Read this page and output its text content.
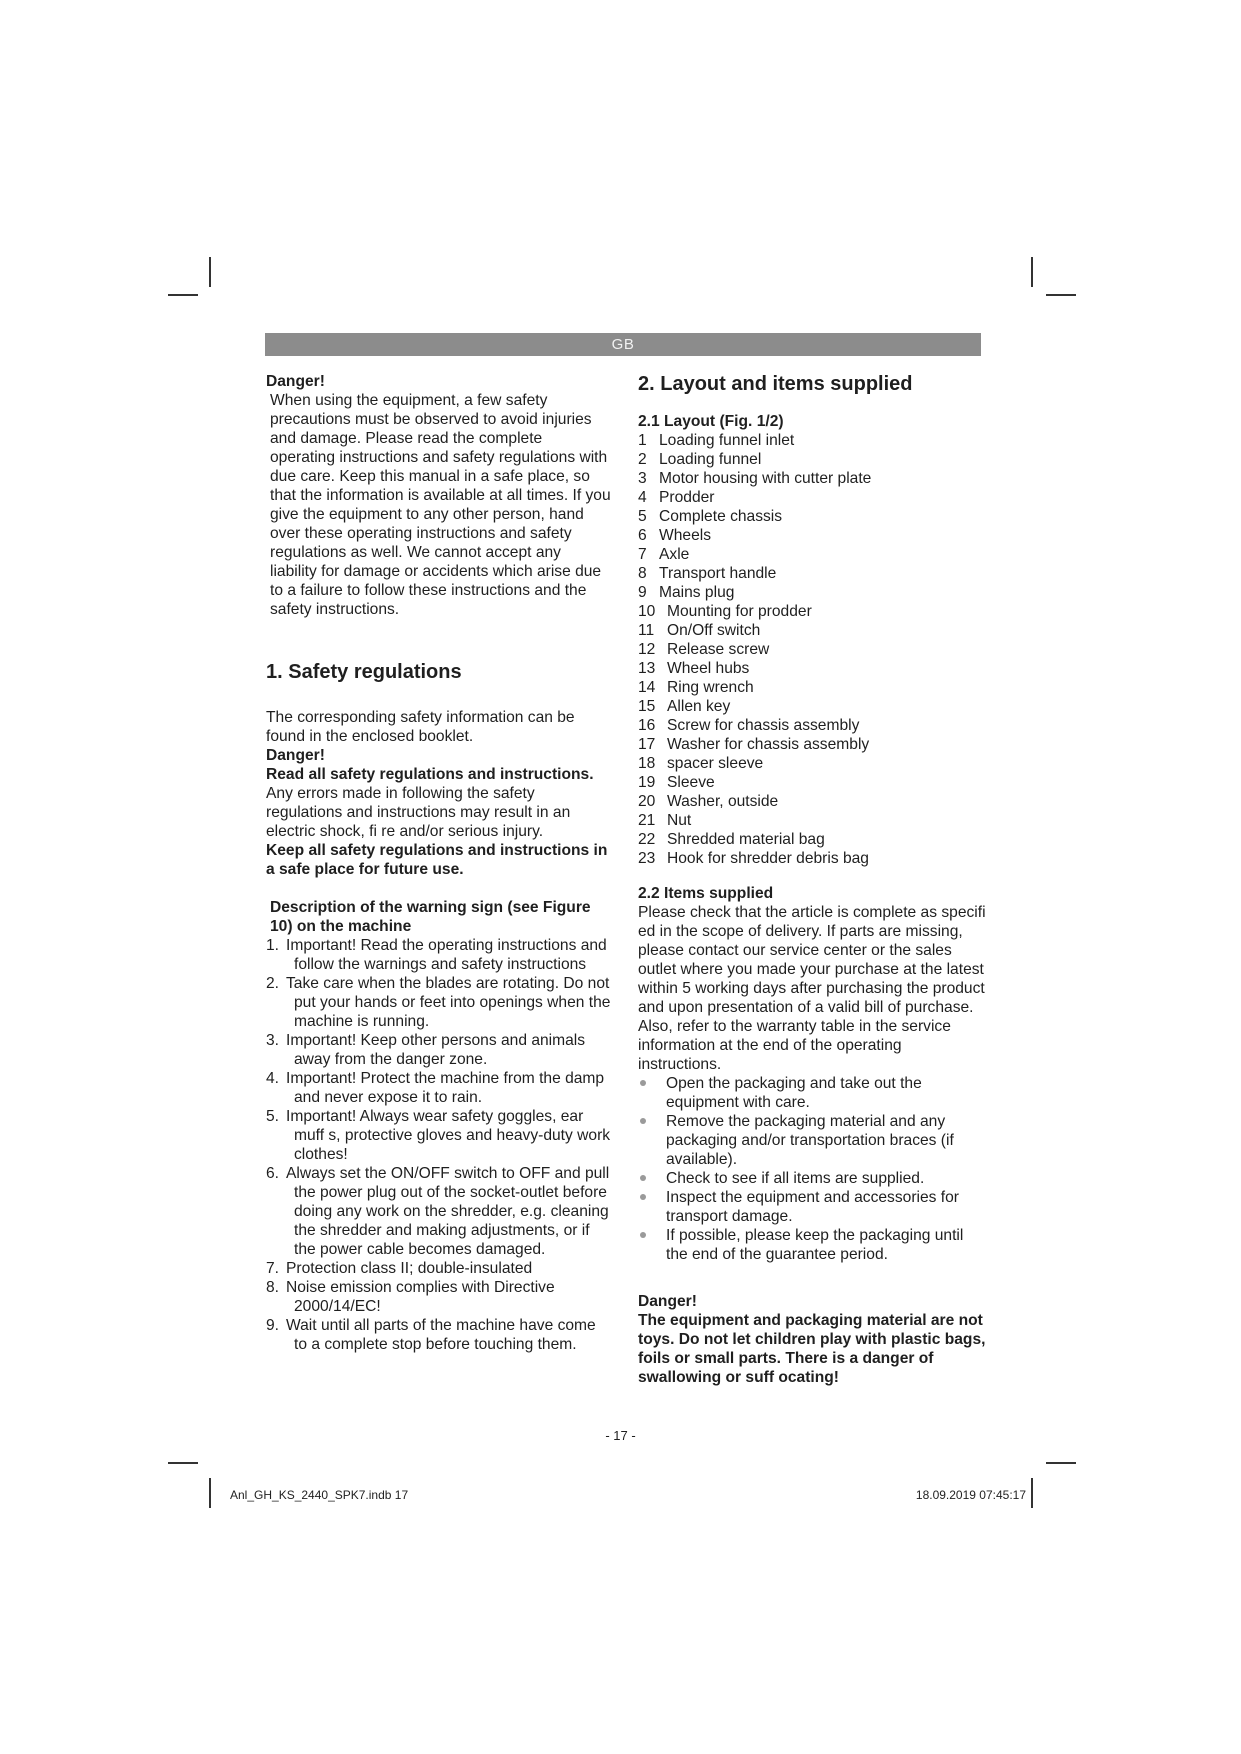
GB

Danger!

When using the equipment, a few safety precautions must be observed to avoid injuries and damage. Please read the complete operating instructions and safety regulations with due care. Keep this manual in a safe place, so that the information is available at all times. If you give the equipment to any other person, hand over these operating instructions and safety regulations as well. We cannot accept any liability for damage or accidents which arise due to a failure to follow these instructions and the safety instructions.

1. Safety regulations

The corresponding safety information can be found in the enclosed booklet.

Danger!

Read all safety regulations and instructions.

Any errors made in following the safety regulations and instructions may result in an electric shock, fi re and/or serious injury.

Keep all safety regulations and instructions in a safe place for future use.

Description of the warning sign (see Figure 10) on the machine

1. Important! Read the operating instructions and follow the warnings and safety instructions
2. Take care when the blades are rotating. Do not put your hands or feet into openings when the machine is running.
3. Important! Keep other persons and animals away from the danger zone.
4. Important! Protect the machine from the damp and never expose it to rain.
5. Important! Always wear safety goggles, ear muff s, protective gloves and heavy-duty work clothes!
6. Always set the ON/OFF switch to OFF and pull the power plug out of the socket-outlet before doing any work on the shredder, e.g. cleaning the shredder and making adjustments, or if the power cable becomes damaged.
7. Protection class II; double-insulated
8. Noise emission complies with Directive 2000/14/EC!
9. Wait until all parts of the machine have come to a complete stop before touching them.

2. Layout and items supplied

2.1 Layout (Fig. 1/2)

1 Loading funnel inlet
2 Loading funnel
3 Motor housing with cutter plate
4 Prodder
5 Complete chassis
6 Wheels
7 Axle
8 Transport handle
9 Mains plug
10 Mounting for prodder
11 On/Off switch
12 Release screw
13 Wheel hubs
14 Ring wrench
15 Allen key
16 Screw for chassis assembly
17 Washer for chassis assembly
18 spacer sleeve
19 Sleeve
20 Washer, outside
21 Nut
22 Shredded material bag
23 Hook for shredder debris bag

2.2 Items supplied

Please check that the article is complete as specifi ed in the scope of delivery. If parts are missing, please contact our service center or the sales outlet where you made your purchase at the latest within 5 working days after purchasing the product and upon presentation of a valid bill of purchase. Also, refer to the warranty table in the service information at the end of the operating instructions.

Open the packaging and take out the equipment with care.
Remove the packaging material and any packaging and/or transportation braces (if available).
Check to see if all items are supplied.
Inspect the equipment and accessories for transport damage.
If possible, please keep the packaging until the end of the guarantee period.

Danger!

The equipment and packaging material are not toys. Do not let children play with plastic bags, foils or small parts. There is a danger of swallowing or suff ocating!

- 17 -
Anl_GH_KS_2440_SPK7.indb 17	18.09.2019 07:45:17
